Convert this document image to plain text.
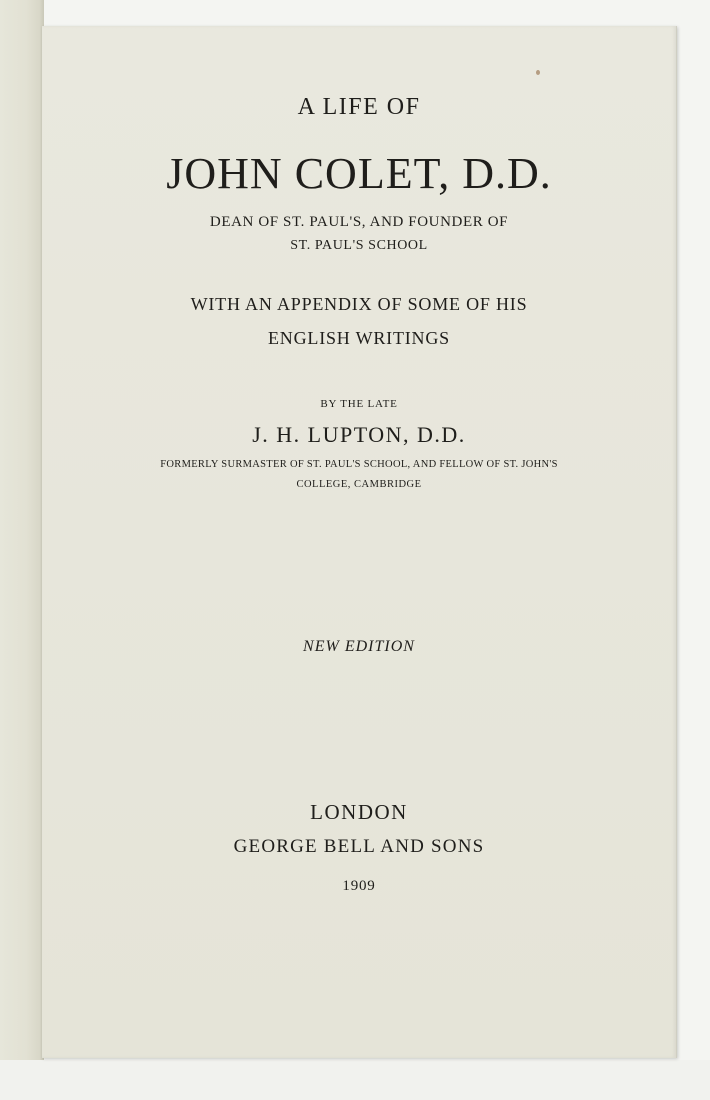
A LIFE OF

JOHN COLET, D.D.

DEAN OF ST. PAUL'S, AND FOUNDER OF

ST. PAUL'S SCHOOL

WITH AN APPENDIX OF SOME OF HIS

ENGLISH WRITINGS

BY THE LATE

J. H. LUPTON, D.D.

FORMERLY SURMASTER OF ST. PAUL'S SCHOOL, AND FELLOW OF ST. JOHN'S

COLLEGE, CAMBRIDGE

NEW EDITION

LONDON

GEORGE BELL AND SONS

1909
